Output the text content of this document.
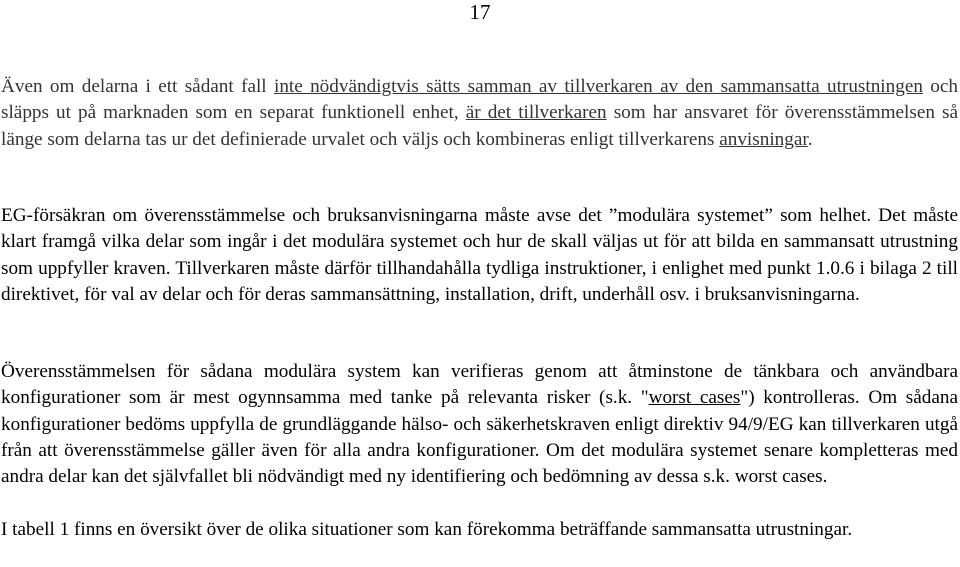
17

Även om delarna i ett sådant fall inte nödvändigtvis sätts samman av tillverkaren av den sammansatta utrustningen och släpps ut på marknaden som en separat funktionell enhet, är det tillverkaren som har ansvaret för överensstämmelsen så länge som delarna tas ur det definierade urvalet och väljs och kombineras enligt tillverkarens anvisningar.

EG-försäkran om överensstämmelse och bruksanvisningarna måste avse det ”modulära systemet” som helhet. Det måste klart framgå vilka delar som ingår i det modulära systemet och hur de skall väljas ut för att bilda en sammansatt utrustning som uppfyller kraven. Tillverkaren måste därför tillhandahålla tydliga instruktioner, i enlighet med punkt 1.0.6 i bilaga 2 till direktivet, för val av delar och för deras sammansättning, installation, drift, underhåll osv. i bruksanvisningarna.

Överensstämmelsen för sådana modulära system kan verifieras genom att åtminstone de tänkbara och användbara konfigurationer som är mest ogynnsamma med tanke på relevanta risker (s.k. "worst cases") kontrolleras. Om sådana konfigurationer bedöms uppfylla de grundläggande hälso- och säkerhetskraven enligt direktiv 94/9/EG kan tillverkaren utgå från att överensstämmelse gäller även för alla andra konfigurationer. Om det modulära systemet senare kompletteras med andra delar kan det självfallet bli nödvändigt med ny identifiering och bedömning av dessa s.k. worst cases.

I tabell 1 finns en översikt över de olika situationer som kan förekomma beträffande sammansatta utrustningar.
